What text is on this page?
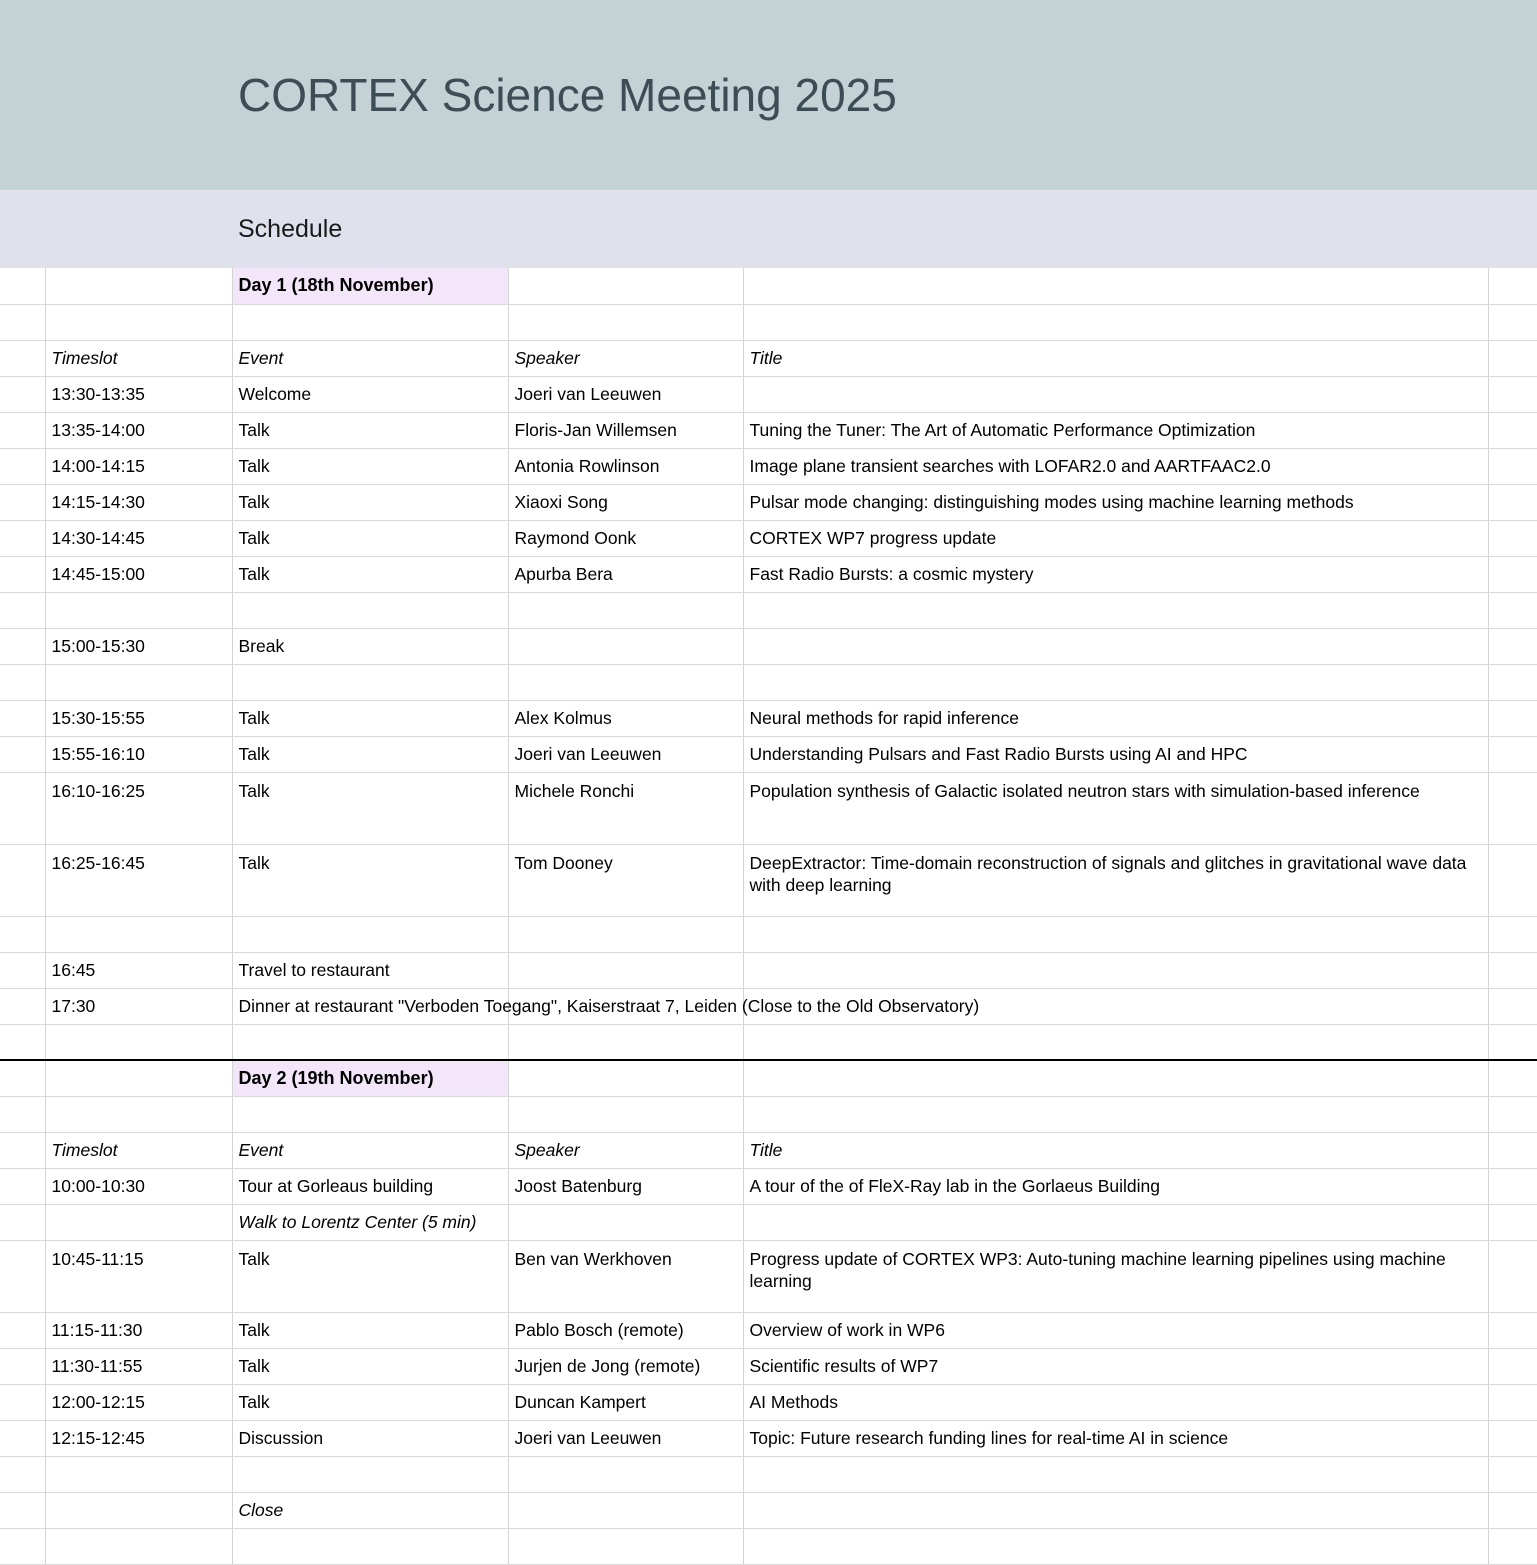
CORTEX Science Meeting 2025
Schedule
		Day 1 (18th November)			

	Timeslot	Event	Speaker	Title	
	13:30-13:35	Welcome	Joeri van Leeuwen		
	13:35-14:00	Talk	Floris-Jan Willemsen	Tuning the Tuner: The Art of Automatic Performance Optimization	
	14:00-14:15	Talk	Antonia Rowlinson	Image plane transient searches with LOFAR2.0 and AARTFAAC2.0	
	14:15-14:30	Talk	Xiaoxi Song	Pulsar mode changing: distinguishing modes using machine learning methods	
	14:30-14:45	Talk	Raymond Oonk	CORTEX WP7 progress update	
	14:45-15:00	Talk	Apurba Bera	Fast Radio Bursts: a cosmic mystery	

	15:00-15:30	Break			

	15:30-15:55	Talk	Alex Kolmus	Neural methods for rapid inference	
	15:55-16:10	Talk	Joeri van Leeuwen	Understanding Pulsars and Fast Radio Bursts using AI and HPC	
	16:10-16:25	Talk	Michele Ronchi	Population synthesis of Galactic isolated neutron stars with simulation-based inference	
	16:25-16:45	Talk	Tom Dooney	DeepExtractor: Time-domain reconstruction of signals and glitches in gravitational wave data with deep learning	

	16:45	Travel to restaurant			
	17:30	Dinner at restaurant "Verboden Toegang", Kaiserstraat 7, Leiden (Close to the Old Observatory)			

		Day 2 (19th November)			

	Timeslot	Event	Speaker	Title	
	10:00-10:30	Tour at Gorleaus building	Joost Batenburg	A tour of the of FleX-Ray lab in the Gorlaeus Building	
		Walk to Lorentz Center (5 min)			
	10:45-11:15	Talk	Ben van Werkhoven	Progress update of CORTEX WP3: Auto-tuning machine learning pipelines using machine learning	
	11:15-11:30	Talk	Pablo Bosch (remote)	Overview of work in WP6	
	11:30-11:55	Talk	Jurjen de Jong (remote)	Scientific results of WP7	
	12:00-12:15	Talk	Duncan Kampert	AI Methods	
	12:15-12:45	Discussion	Joeri van Leeuwen	Topic: Future research funding lines for real-time AI in science	

		Close			
